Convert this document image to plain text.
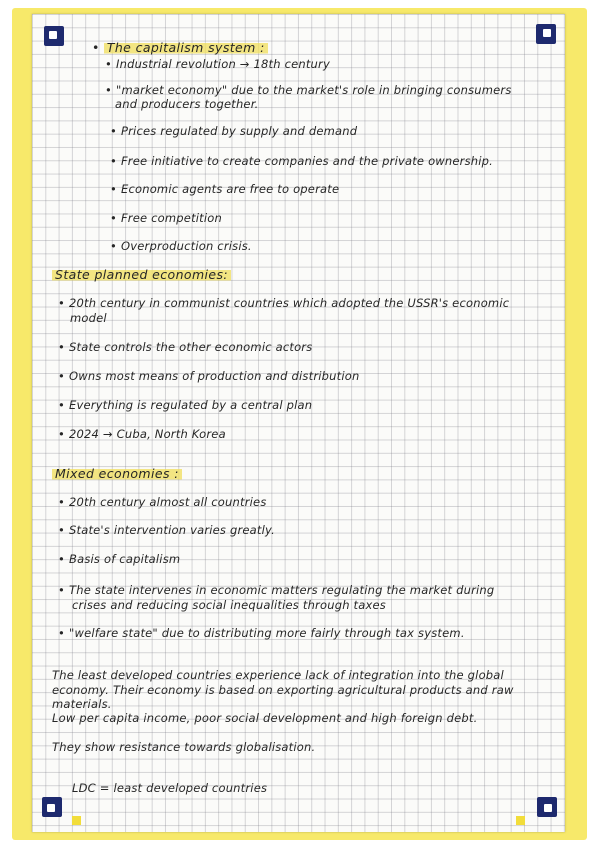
• The capitalism system :
• Industrial revolution → 18th century
• "market economy" due to the market's role in bringing consumers
and producers together.
• Prices regulated by supply and demand
• Free initiative to create companies and the private ownership.
• Economic agents are free to operate
• Free competition
• Overproduction crisis.
State planned economies:
• 20th century in communist countries which adopted the USSR's economic
model
• State controls the other economic actors
• Owns most means of production and distribution
• Everything is regulated by a central plan
• 2024 → Cuba, North Korea
Mixed economies :
• 20th century almost all countries
• State's intervention varies greatly.
• Basis of capitalism
• The state intervenes in economic matters regulating the market during
crises and reducing social inequalities through taxes
• "welfare state" due to distributing more fairly through tax system.
The least developed countries experience lack of integration into the global
economy. Their economy is based on exporting agricultural products and raw
materials.
Low per capita income, poor social development and high foreign debt.
They show resistance towards globalisation.
LDC = least developed countries
